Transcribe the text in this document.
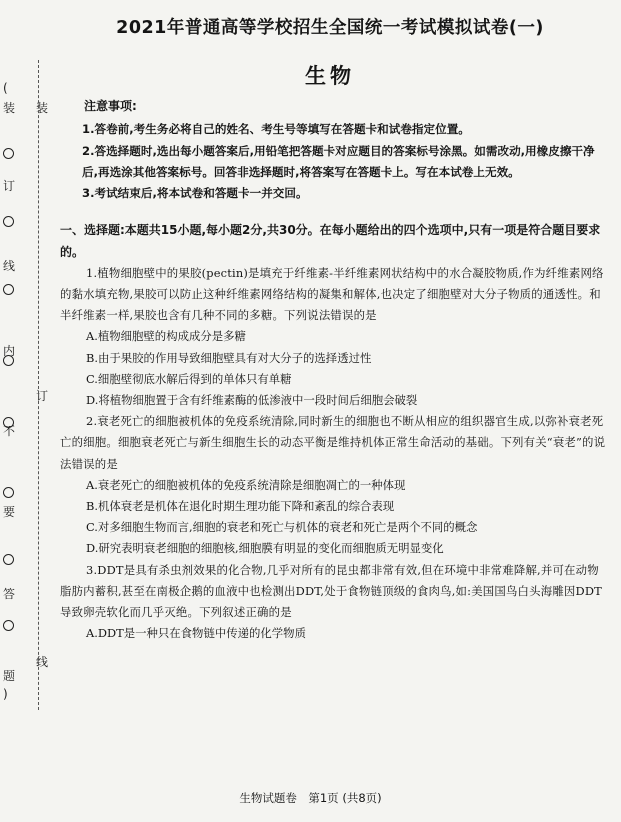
(
装
订
线
内
不
要
答
题
)
装
订
线
2021年普通高等学校招生全国统一考试模拟试卷(一)
生物
注意事项:
1.答卷前,考生务必将自己的姓名、考生号等填写在答题卡和试卷指定位置。
2.答选择题时,选出每小题答案后,用铅笔把答题卡对应题目的答案标号涂黑。如需改动,用橡皮擦干净后,再选涂其他答案标号。回答非选择题时,将答案写在答题卡上。写在本试卷上无效。
3.考试结束后,将本试卷和答题卡一并交回。
一、选择题:本题共15小题,每小题2分,共30分。在每小题给出的四个选项中,只有一项是符合题目要求的。
1.植物细胞壁中的果胶(pectin)是填充于纤维素-半纤维素网状结构中的水合凝胶物质,作为纤维素网络的黏水填充物,果胶可以防止这种纤维素网络结构的凝集和解体,也决定了细胞壁对大分子物质的通透性。和半纤维素一样,果胶也含有几种不同的多糖。下列说法错误的是
A.植物细胞壁的构成成分是多糖
B.由于果胶的作用导致细胞壁具有对大分子的选择透过性
C.细胞壁彻底水解后得到的单体只有单糖
D.将植物细胞置于含有纤维素酶的低渗液中一段时间后细胞会破裂
2.衰老死亡的细胞被机体的免疫系统清除,同时新生的细胞也不断从相应的组织器官生成,以弥补衰老死亡的细胞。细胞衰老死亡与新生细胞生长的动态平衡是维持机体正常生命活动的基础。下列有关“衰老”的说法错误的是
A.衰老死亡的细胞被机体的免疫系统清除是细胞凋亡的一种体现
B.机体衰老是机体在退化时期生理功能下降和紊乱的综合表现
C.对多细胞生物而言,细胞的衰老和死亡与机体的衰老和死亡是两个不同的概念
D.研究表明衰老细胞的细胞核,细胞膜有明显的变化而细胞质无明显变化
3.DDT是具有杀虫剂效果的化合物,几乎对所有的昆虫都非常有效,但在环境中非常难降解,并可在动物脂肪内蓄积,甚至在南极企鹅的血液中也检测出DDT,处于食物链顶级的食肉鸟,如:美国国鸟白头海雕因DDT导致卵壳软化而几乎灭绝。下列叙述正确的是
A.DDT是一种只在食物链中传递的化学物质
生物试题卷　第1页 (共8页)
